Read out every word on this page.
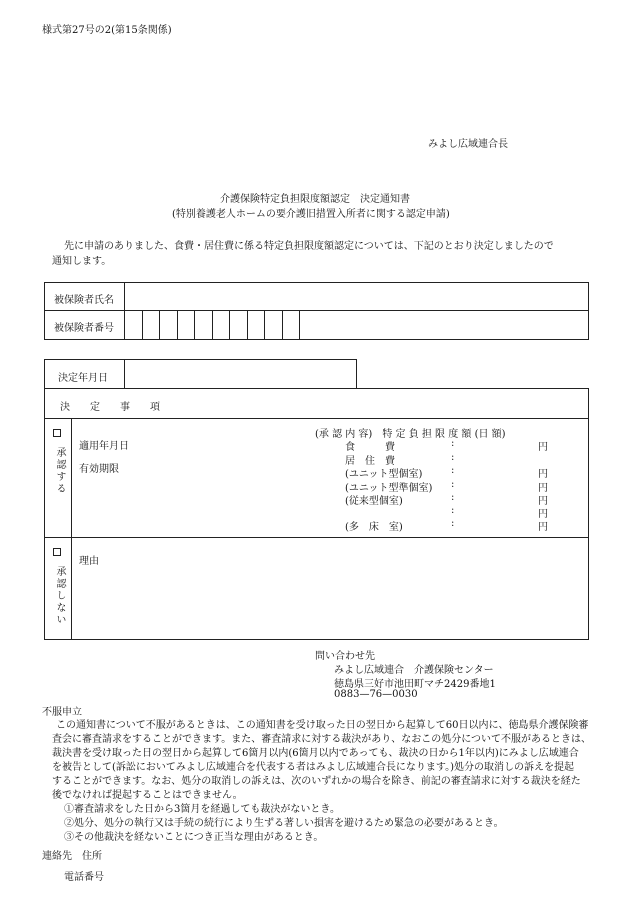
様式第27号の2(第15条関係)
みよし広域連合長
介護保険特定負担限度額認定　決定通知書
(特別養護老人ホームの要介護旧措置入所者に関する認定申請)
先に申請のありました、食費・居住費に係る特定負担限度額認定については、下記のとおり決定しましたので
通知します。
被保険者氏名
被保険者番号
決定年月日
決　　定　　事　　項
承認する
適用年月日
有効期限
(承 認 内 容)　特 定 負 担 限 度 額 (日 額)
食　　　費	:	円
居　住　費	:
(ユニット型個室)	:	円
(ユニット型準個室) :	円
(従来型個室)	:	円
:	円
(多　床　室)	:	円
承認しない
理由
問い合わせ先
みよし広域連合　介護保険センター
徳島県三好市池田町マチ2429番地1
0883—76—0030
不服申立
この通知書について不服があるときは、この通知書を受け取った日の翌日から起算して60日以内に、徳島県介護保険審
査会に審査請求をすることができます。また、審査請求に対する裁決があり、なおこの処分について不服があるときは、
裁決書を受け取った日の翌日から起算して6箇月以内(6箇月以内であっても、裁決の日から1年以内)にみよし広域連合
を被告として(訴訟においてみよし広域連合を代表する者はみよし広域連合長になります。)処分の取消しの訴えを提起
することができます。なお、処分の取消しの訴えは、次のいずれかの場合を除き、前記の審査請求に対する裁決を経た
後でなければ提起することはできません。
①審査請求をした日から3箇月を経過しても裁決がないとき。
②処分、処分の執行又は手続の続行により生ずる著しい損害を避けるため緊急の必要があるとき。
③その他裁決を経ないことにつき正当な理由があるとき。
連絡先　住所
電話番号
